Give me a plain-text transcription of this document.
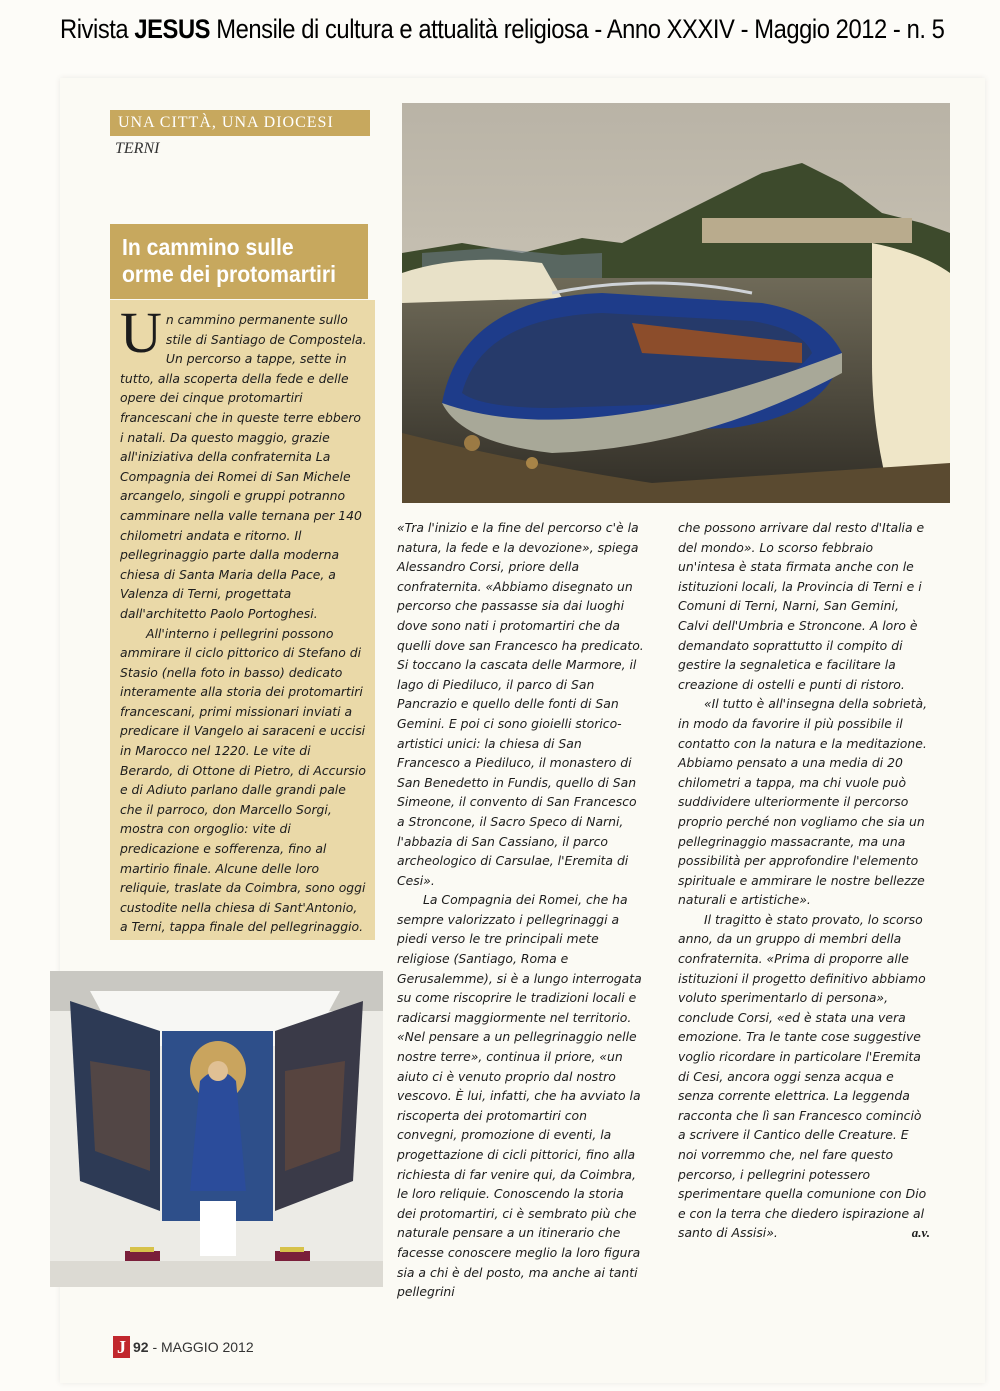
Rivista JESUS Mensile di cultura e attualità religiosa - Anno XXXIV - Maggio 2012 - n. 5
UNA CITTÀ, UNA DIOCESI
TERNI
In cammino sulle
orme dei protomartiri

Un cammino permanente sullo stile di Santiago de Compostela. Un percorso a tappe, sette in tutto, alla scoperta della fede e delle opere dei cinque protomartiri francescani che in queste terre ebbero i natali. Da questo maggio, grazie all'iniziativa della confraternita La Compagnia dei Romei di San Michele arcangelo, singoli e gruppi potranno camminare nella valle ternana per 140 chilometri andata e ritorno. Il pellegrinaggio parte dalla moderna chiesa di Santa Maria della Pace, a Valenza di Terni, progettata dall'architetto Paolo Portoghesi.

All'interno i pellegrini possono ammirare il ciclo pittorico di Stefano di Stasio (nella foto in basso) dedicato interamente alla storia dei protomartiri francescani, primi missionari inviati a predicare il Vangelo ai saraceni e uccisi in Marocco nel 1220. Le vite di Berardo, di Ottone di Pietro, di Accursio e di Adiuto parlano dalle grandi pale che il parroco, don Marcello Sorgi, mostra con orgoglio: vite di predicazione e sofferenza, fino al martirio finale. Alcune delle loro reliquie, traslate da Coimbra, sono oggi custodite nella chiesa di Sant'Antonio, a Terni, tappa finale del pellegrinaggio.

«Tra l'inizio e la fine del percorso c'è la natura, la fede e la devozione», spiega Alessandro Corsi, priore della confraternita. «Abbiamo disegnato un percorso che passasse sia dai luoghi dove sono nati i protomartiri che da quelli dove san Francesco ha predicato. Si toccano la cascata delle Marmore, il lago di Piediluco, il parco di San Pancrazio e quello delle fonti di San Gemini. E poi ci sono gioielli storico-artistici unici: la chiesa di San Francesco a Piediluco, il monastero di San Benedetto in Fundis, quello di San Simeone, il convento di San Francesco a Stroncone, il Sacro Speco di Narni, l'abbazia di San Cassiano, il parco archeologico di Carsulae, l'Eremita di Cesi».

La Compagnia dei Romei, che ha sempre valorizzato i pellegrinaggi a piedi verso le tre principali mete religiose (Santiago, Roma e Gerusalemme), si è a lungo interrogata su come riscoprire le tradizioni locali e radicarsi maggiormente nel territorio. «Nel pensare a un pellegrinaggio nelle nostre terre», continua il priore, «un aiuto ci è venuto proprio dal nostro vescovo. È lui, infatti, che ha avviato la riscoperta dei protomartiri con convegni, promozione di eventi, la progettazione di cicli pittorici, fino alla richiesta di far venire qui, da Coimbra, le loro reliquie. Conoscendo la storia dei protomartiri, ci è sembrato più che naturale pensare a un itinerario che facesse conoscere meglio la loro figura sia a chi è del posto, ma anche ai tanti pellegrini

che possono arrivare dal resto d'Italia e del mondo». Lo scorso febbraio un'intesa è stata firmata anche con le istituzioni locali, la Provincia di Terni e i Comuni di Terni, Narni, San Gemini, Calvi dell'Umbria e Stroncone. A loro è demandato soprattutto il compito di gestire la segnaletica e facilitare la creazione di ostelli e punti di ristoro.

«Il tutto è all'insegna della sobrietà, in modo da favorire il più possibile il contatto con la natura e la meditazione. Abbiamo pensato a una media di 20 chilometri a tappa, ma chi vuole può suddividere ulteriormente il percorso proprio perché non vogliamo che sia un pellegrinaggio massacrante, ma una possibilità per approfondire l'elemento spirituale e ammirare le nostre bellezze naturali e artistiche».

Il tragitto è stato provato, lo scorso anno, da un gruppo di membri della confraternita. «Prima di proporre alle istituzioni il progetto definitivo abbiamo voluto sperimentarlo di persona», conclude Corsi, «ed è stata una vera emozione. Tra le tante cose suggestive voglio ricordare in particolare l'Eremita di Cesi, ancora oggi senza acqua e senza corrente elettrica. La leggenda racconta che lì san Francesco cominciò a scrivere il Cantico delle Creature. E noi vorremmo che, nel fare questo percorso, i pellegrini potessero sperimentare quella comunione con Dio e con la terra che diedero ispirazione al santo di Assisi».	a.v.

J 92 - MAGGIO 2012
